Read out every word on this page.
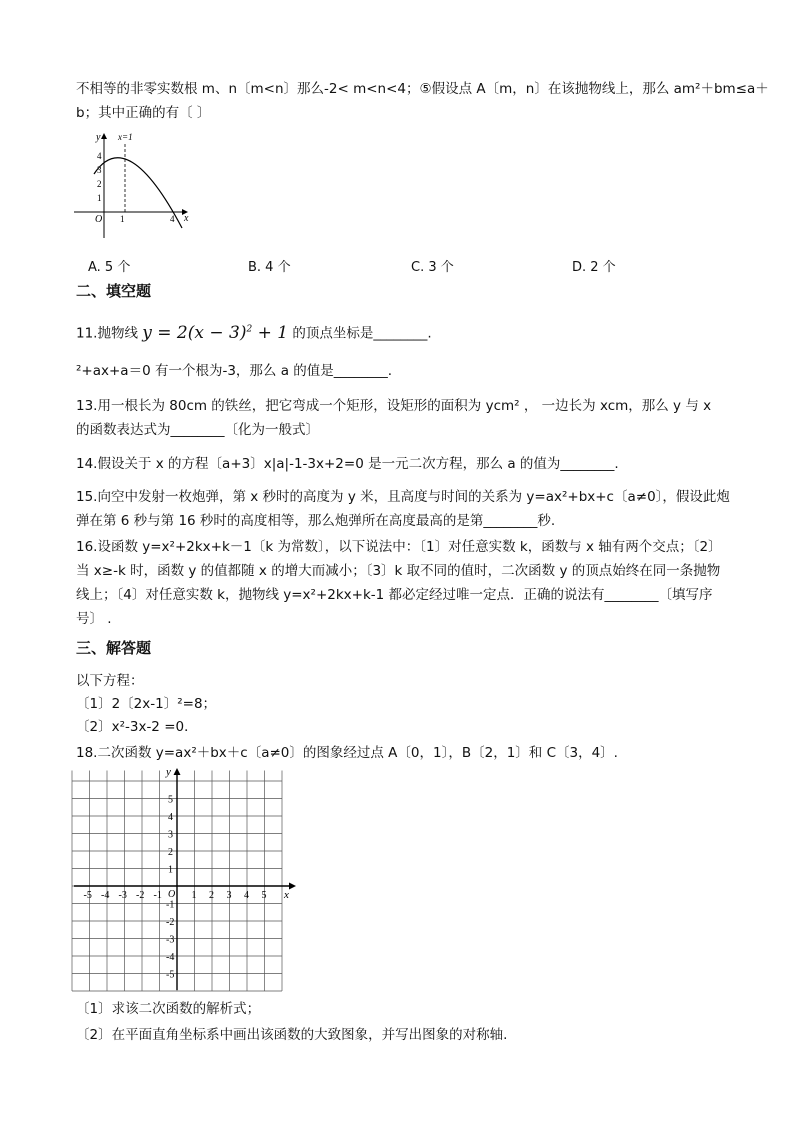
不相等的非零实数根 m、n〔m<n〕那么-2< m<n<4；⑤假设点 A〔m，n〕在该抛物线上，那么 am²＋bm≤a＋
b；其中正确的有〔 〕
y
x
O
x=1
4
3
2
1
1	4
A. 5 个	B. 4 个	C. 3 个	D. 2 个
二、填空题
11.抛物线 $y = 2(x - 3)^2 + 1$ 的顶点坐标是________.
²+ax+a＝0 有一个根为-3，那么 a 的值是________.
13.用一根长为 80cm 的铁丝，把它弯成一个矩形，设矩形的面积为 ycm² ， 一边长为 xcm，那么 y 与 x
的函数表达式为________〔化为一般式〕
14.假设关于 x 的方程〔a+3〕x|a|-1-3x+2=0 是一元二次方程，那么 a 的值为________.
15.向空中发射一枚炮弹，第 x 秒时的高度为 y 米，且高度与时间的关系为 y=ax²+bx+c〔a≠0〕，假设此炮
弹在第 6 秒与第 16 秒时的高度相等，那么炮弹所在高度最高的是第________秒.
16.设函数 y=x²+2kx+k－1〔k 为常数〕，以下说法中：〔1〕对任意实数 k，函数与 x 轴有两个交点；〔2〕
当 x≥-k 时，函数 y 的值都随 x 的增大而减小；〔3〕k 取不同的值时，二次函数 y 的顶点始终在同一条抛物
线上；〔4〕对任意实数 k，抛物线 y=x²+2kx+k-1 都必定经过唯一定点．正确的说法有________〔填写序
号〕 .
三、解答题
以下方程：
〔1〕2〔2x-1〕²=8；
〔2〕x²-3x-2 =0．
18.二次函数 y=ax²＋bx＋c〔a≠0〕的图象经过点 A〔0，1〕，B〔2，1〕和 C〔3，4〕.
y
x
O
-5 -4 -3 -2 -1	1 2 3 4 5
5
4
3
2
1
-1
-2
-3
-4
-5
〔1〕求该二次函数的解析式；
〔2〕在平面直角坐标系中画出该函数的大致图象，并写出图象的对称轴.
